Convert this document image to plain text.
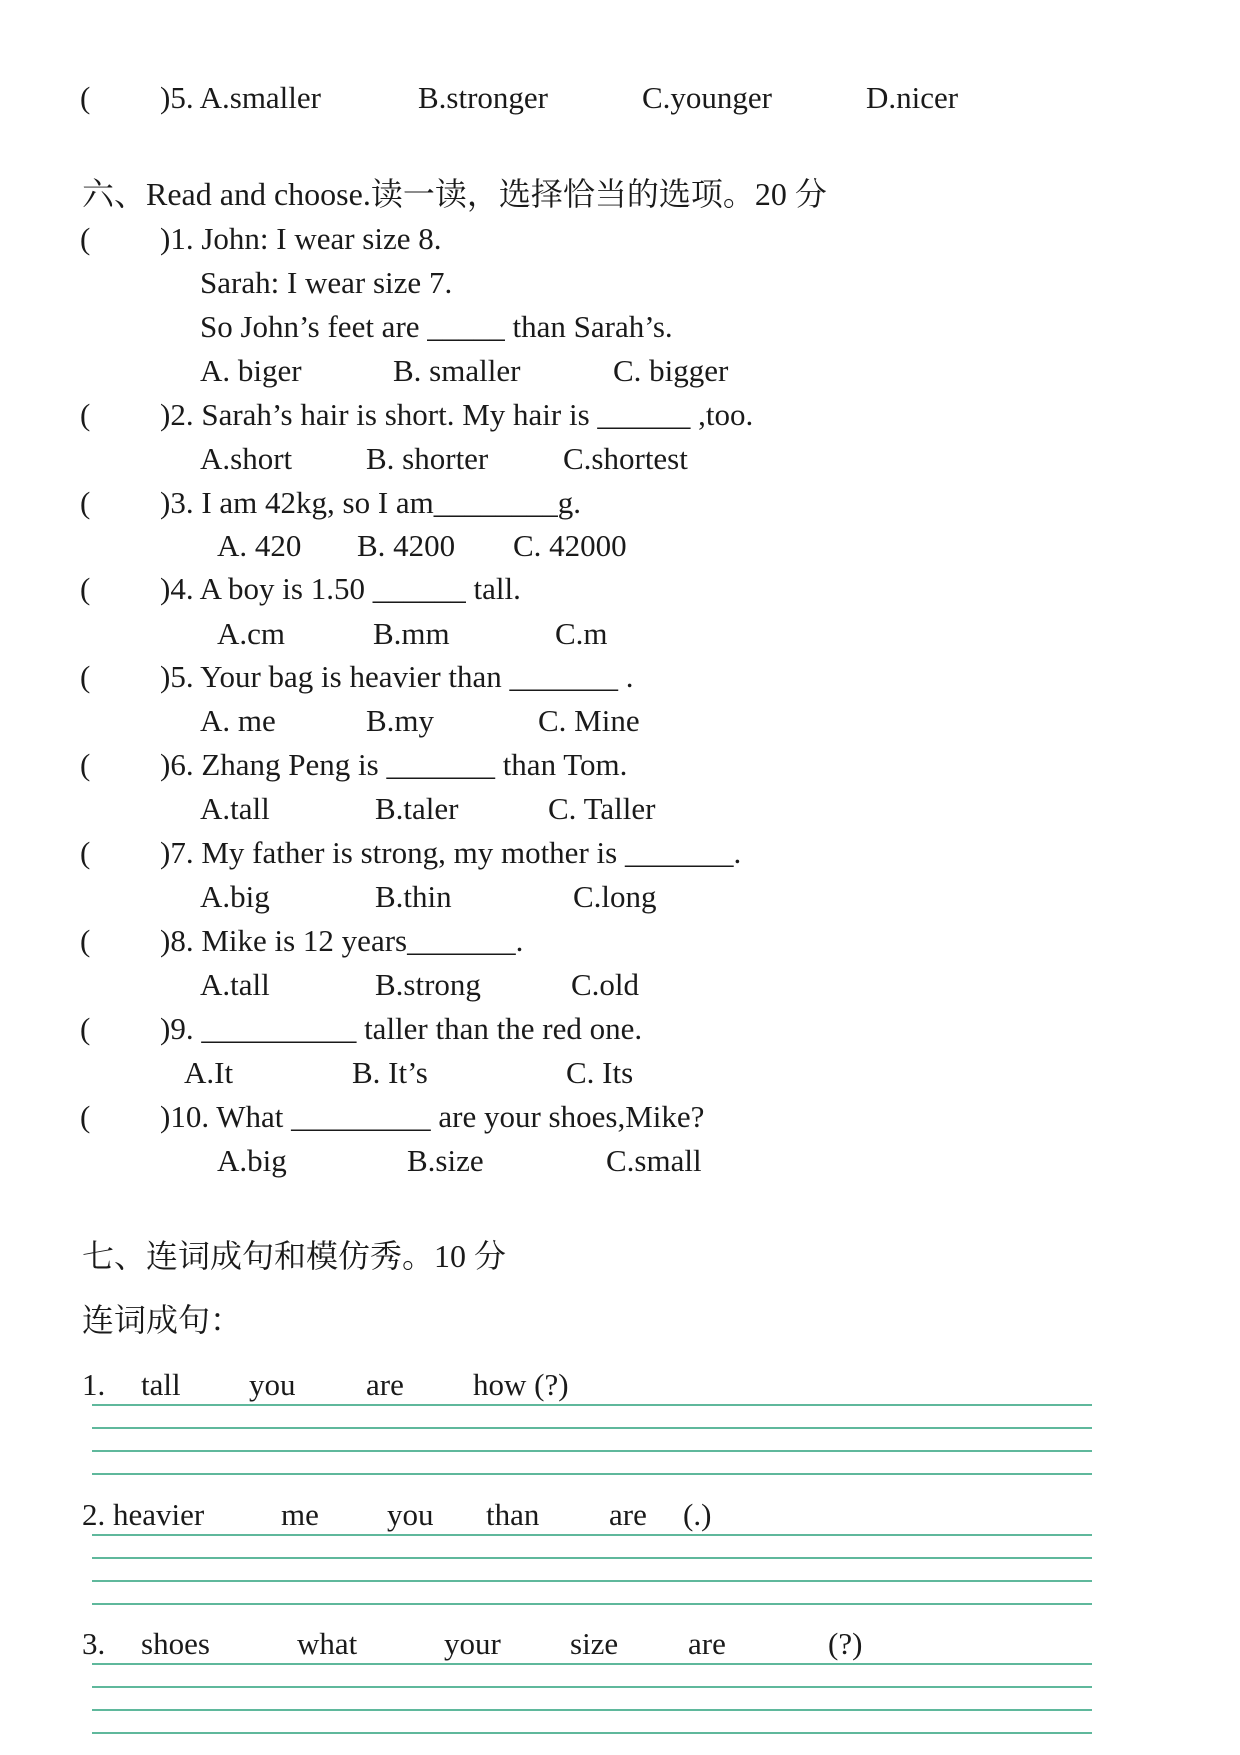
( )5. A.smaller	B.stronger	C.younger	D.nicer
六、Read and choose.读一读，选择恰当的选项。20 分
( )1. John: I wear size 8.
Sarah: I wear size 7.
So John’s feet are _____ than Sarah’s.
A. biger	B. smaller	C. bigger
( )2. Sarah’s hair is short. My hair is ______ ,too.
A.short B. shorter C.shortest
( )3. I am 42kg, so I am________g.
A. 420 B. 4200 C. 42000
( )4. A boy is 1.50 ______ tall.
A.cm	B.mm	C.m
( )5. Your bag is heavier than _______ .
A. me	B.my	C. Mine
( )6. Zhang Peng is _______ than Tom.
A.tall	B.taler	C. Taller
( )7. My father is strong, my mother is _______.
A.big	B.thin	C.long
( )8. Mike is 12 years_______.
A.tall	B.strong	C.old
( )9. __________ taller than the red one.
A.It	B. It’s	C. Its
( )10. What _________ are your shoes,Mike?
A.big	B.size	C.small
七、连词成句和模仿秀。10 分
连词成句：
1. tall you are how (?)
2. heavier me you than are (.)
3. shoes	what	your size are	(?)
